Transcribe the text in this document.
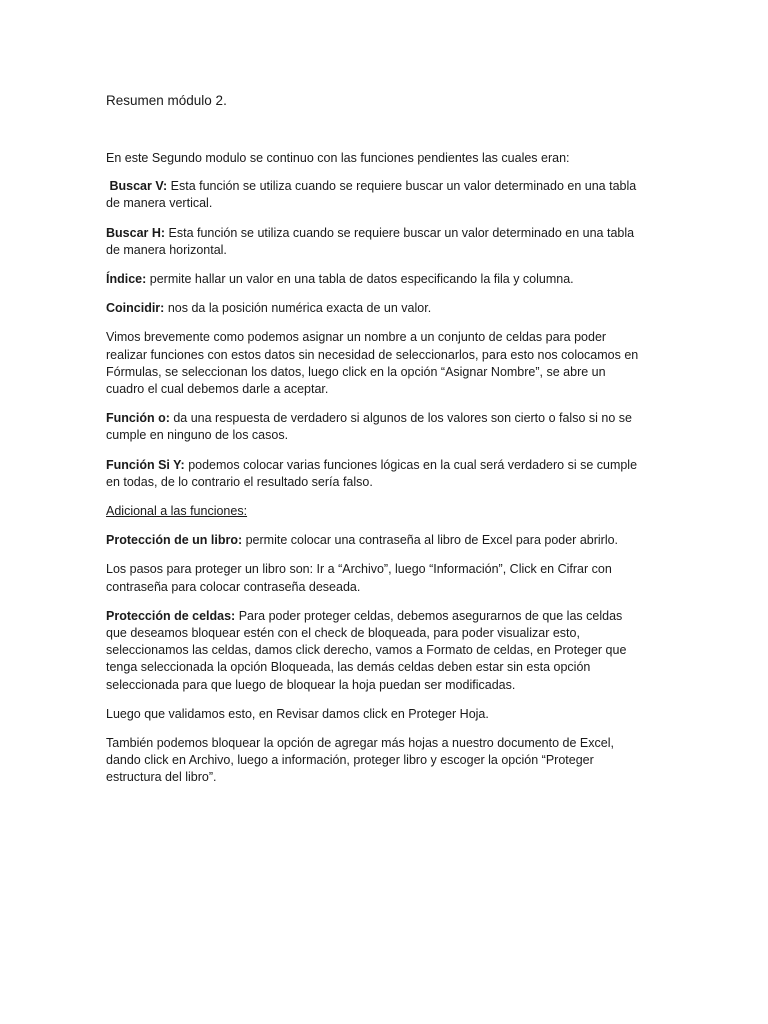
Resumen módulo 2.

En este Segundo modulo se continuo con las funciones pendientes las cuales eran:

Buscar V: Esta función se utiliza cuando se requiere buscar un valor determinado en una tabla de manera vertical.

Buscar H: Esta función se utiliza cuando se requiere buscar un valor determinado en una tabla de manera horizontal.

Índice: permite hallar un valor en una tabla de datos especificando la fila y columna.

Coincidir: nos da la posición numérica exacta de un valor.

Vimos brevemente como podemos asignar un nombre a un conjunto de celdas para poder realizar funciones con estos datos sin necesidad de seleccionarlos, para esto nos colocamos en Fórmulas, se seleccionan los datos, luego click en la opción “Asignar Nombre”, se abre un cuadro el cual debemos darle a aceptar.

Función o: da una respuesta de verdadero si algunos de los valores son cierto o falso si no se cumple en ninguno de los casos.

Función Si Y: podemos colocar varias funciones lógicas en la cual será verdadero si se cumple en todas, de lo contrario el resultado sería falso.

Adicional a las funciones:

Protección de un libro: permite colocar una contraseña al libro de Excel para poder abrirlo.

Los pasos para proteger un libro son: Ir a “Archivo”, luego “Información”, Click en Cifrar con contraseña para colocar contraseña deseada.

Protección de celdas: Para poder proteger celdas, debemos asegurarnos de que las celdas que deseamos bloquear estén con el check de bloqueada, para poder visualizar esto, seleccionamos las celdas, damos click derecho, vamos a Formato de celdas, en Proteger que tenga seleccionada la opción Bloqueada, las demás celdas deben estar sin esta opción seleccionada para que luego de bloquear la hoja puedan ser modificadas.

Luego que validamos esto, en Revisar damos click en Proteger Hoja.

También podemos bloquear la opción de agregar más hojas a nuestro documento de Excel, dando click en Archivo, luego a información, proteger libro y escoger la opción “Proteger estructura del libro”.
